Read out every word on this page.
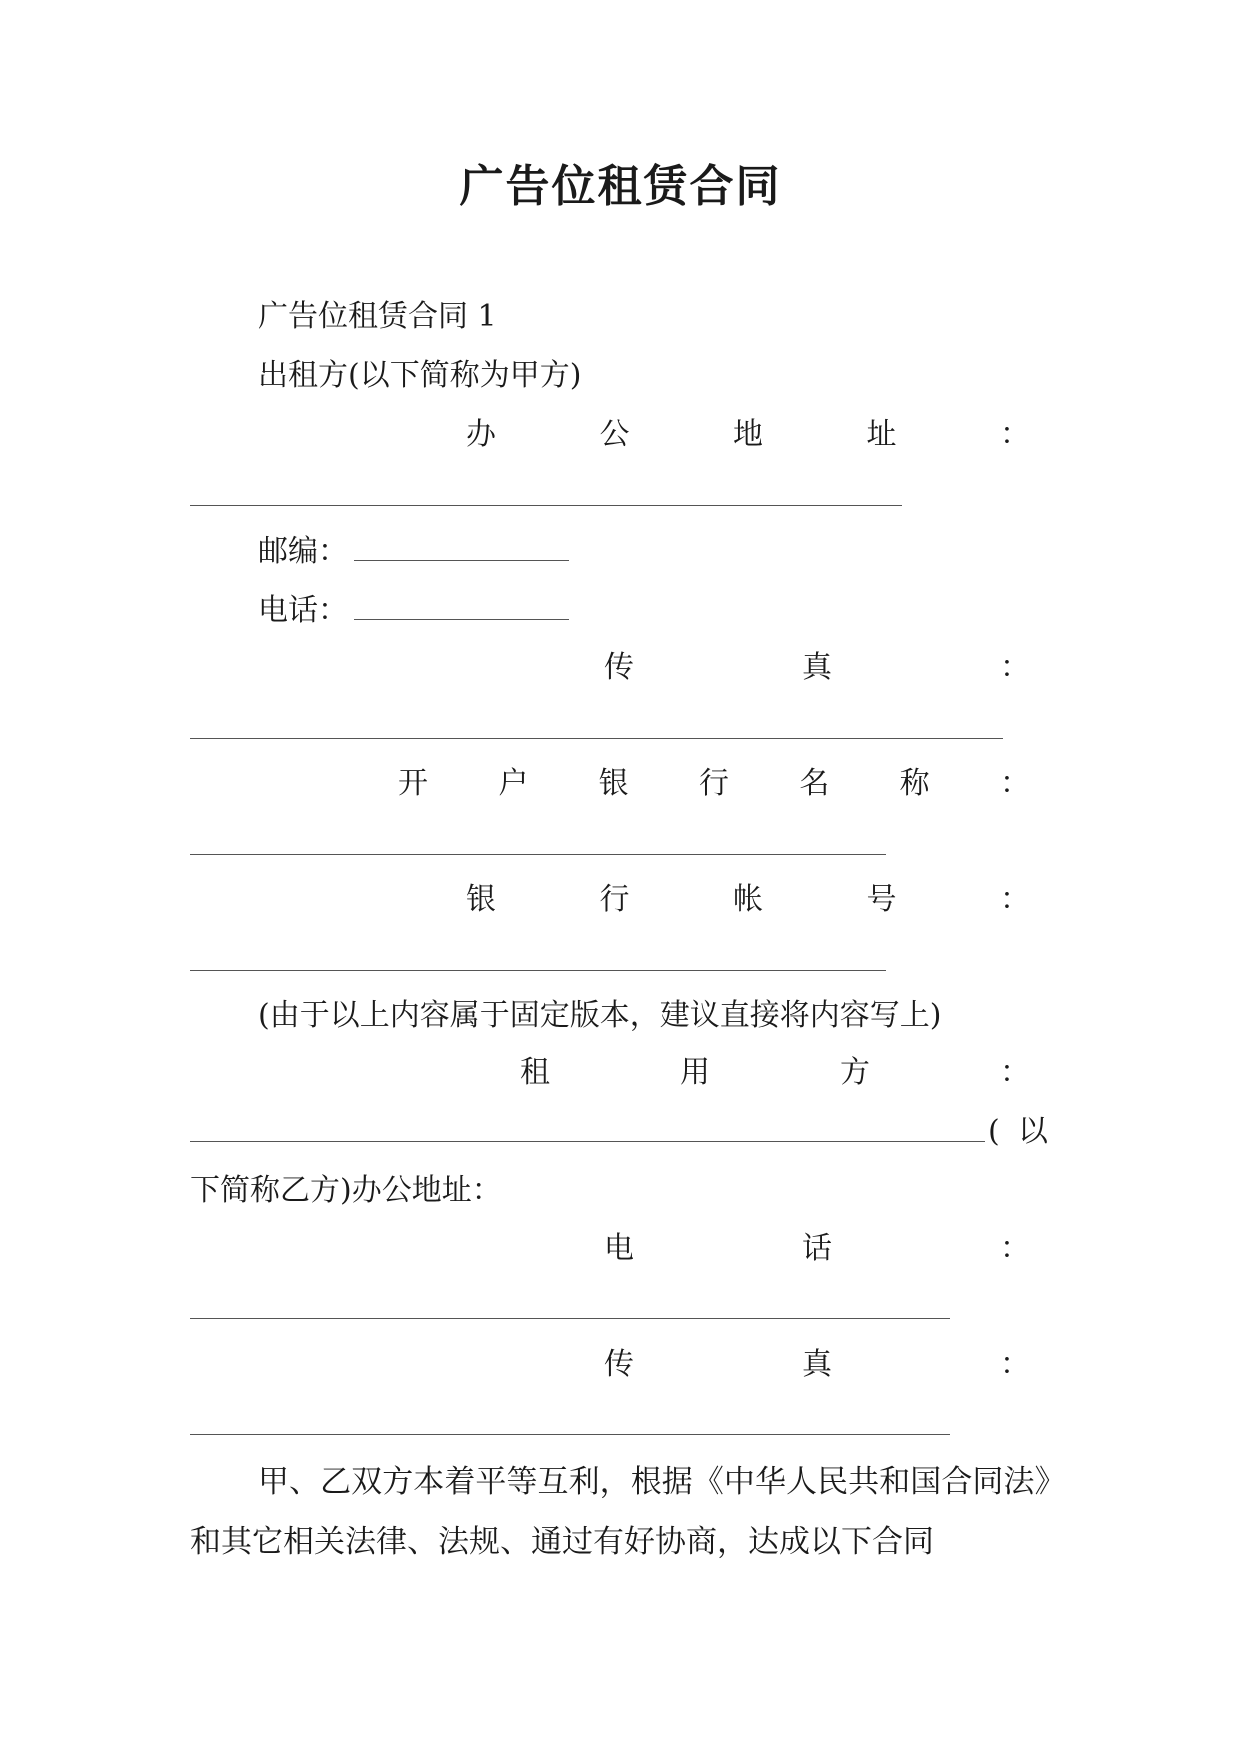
广告位租赁合同
广告位租赁合同 1
出租方(以下简称为甲方)
办	公	地	址	：
邮编：
电话：
传	真	：
开 户 银 行 名 称 ：
银	行	帐	号	：
(由于以上内容属于固定版本，建议直接将内容写上)
租	用	方	：
( 以
下简称乙方)办公地址：
电	话	：
传	真	：
甲、乙双方本着平等互利，根据《中华人民共和国合同法》和其它相关法律、法规、通过有好协商，达成以下合同
